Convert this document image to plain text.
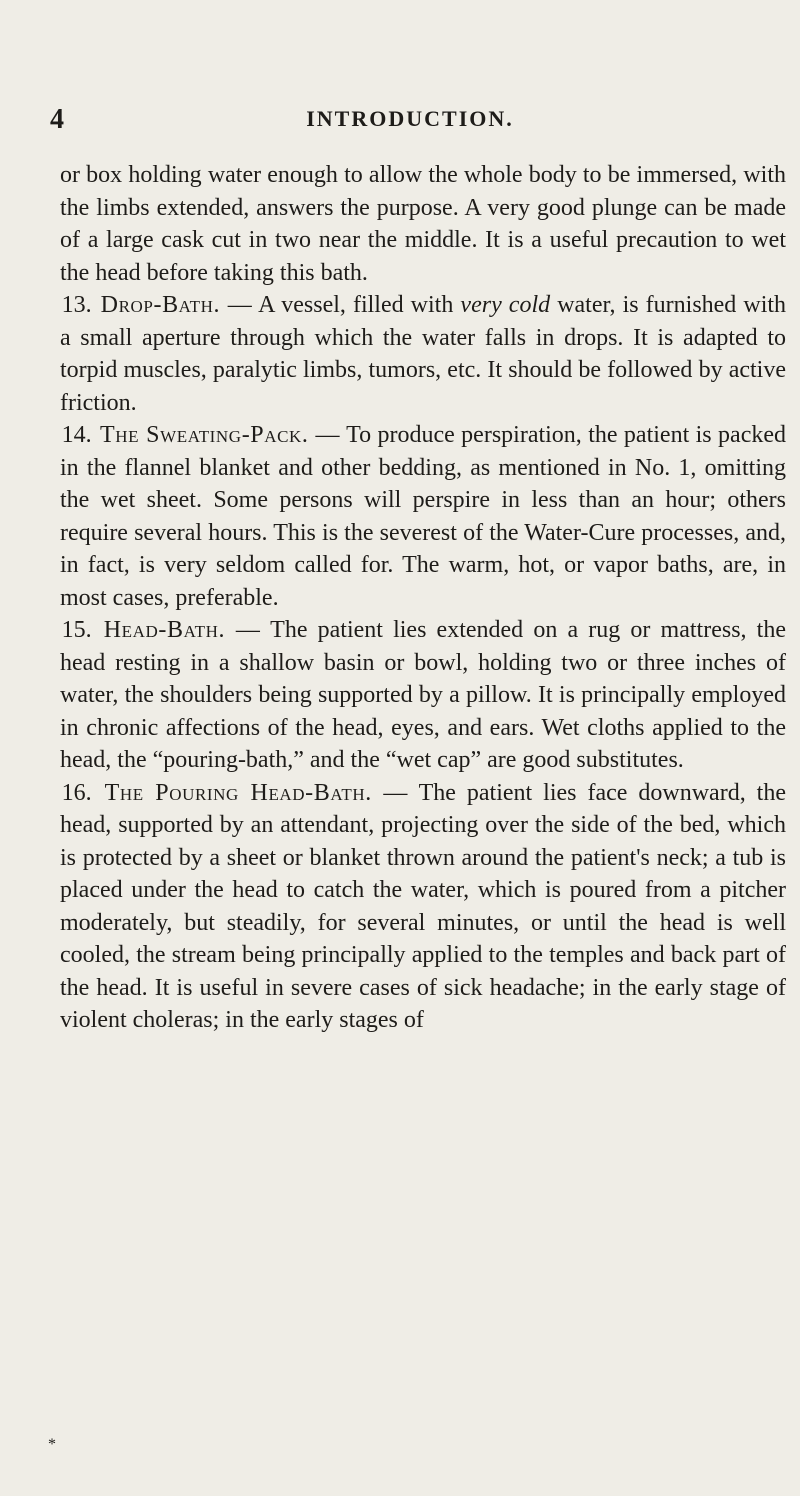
4	INTRODUCTION.

or box holding water enough to allow the whole body to be immersed, with the limbs extended, answers the purpose. A very good plunge can be made of a large cask cut in two near the middle. It is a useful precaution to wet the head before taking this bath.

13. Drop-Bath. — A vessel, filled with very cold water, is furnished with a small aperture through which the water falls in drops. It is adapted to torpid muscles, paralytic limbs, tumors, etc. It should be followed by active friction.

14. The Sweating-Pack. — To produce perspiration, the patient is packed in the flannel blanket and other bedding, as mentioned in No. 1, omitting the wet sheet. Some persons will perspire in less than an hour; others require several hours. This is the severest of the Water-Cure processes, and, in fact, is very seldom called for. The warm, hot, or vapor baths, are, in most cases, preferable.

15. Head-Bath. — The patient lies extended on a rug or mattress, the head resting in a shallow basin or bowl, holding two or three inches of water, the shoulders being supported by a pillow. It is principally employed in chronic affections of the head, eyes, and ears. Wet cloths applied to the head, the “pouring-bath,” and the “wet cap” are good substitutes.

16. The Pouring Head-Bath. — The patient lies face downward, the head, supported by an attendant, projecting over the side of the bed, which is protected by a sheet or blanket thrown around the patient's neck; a tub is placed under the head to catch the water, which is poured from a pitcher moderately, but steadily, for several minutes, or until the head is well cooled, the stream being principally applied to the temples and back part of the head. It is useful in severe cases of sick headache; in the early stage of violent choleras; in the early stages of

*
